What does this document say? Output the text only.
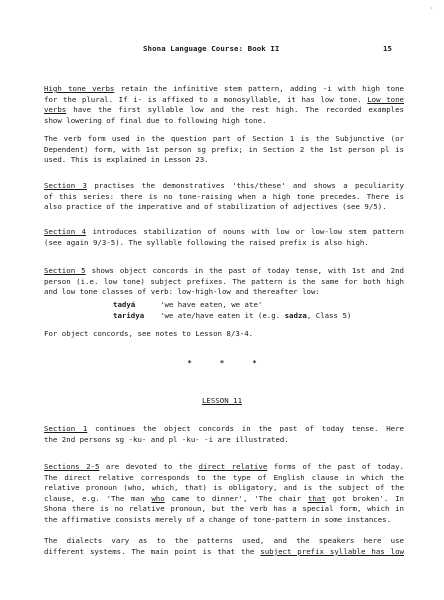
·
Shona Language Course: Book II	15
High tone verbs retain the infinitive stem pattern, adding -i with high tone
for the plural. If i- is affixed to a monosyllable, it has low tone. Low tone
verbs have the first syllable low and the rest high. The recorded examples
show lowering of final due to following high tone.
The verb form used in the question part of Section 1 is the Subjunctive (or
Dependent) form, with 1st person sg prefix; in Section 2 the 1st person pl is
used. This is explained in Lesson 23.
Section 3 practises the demonstratives 'this/these' and shows a peculiarity
of this series: there is no tone-raising when a high tone precedes. There is
also practice of the imperative and of stabilization of adjectives (see 9/5).
Section 4 introduces stabilization of nouns with low or low-low stem pattern
(see again 9/3-5). The syllable following the raised prefix is also high.
Section 5 shows object concords in the past of today tense, with 1st and 2nd
person (i.e. low tone) subject prefixes. The pattern is the same for both high
and low tone classes of verb: low-high-low and thereafter low:
tadyá	'we have eaten, we ate'
taridya	'we ate/have eaten it (e.g. sadza, Class 5)
For object concords, see notes to Lesson 8/3-4.
*	*	*
LESSON 11
Section 1 continues the object concords in the past of today tense. Here
the 2nd persons sg -ku- and pl -ku- -i are illustrated.
Sections 2-5 are devoted to the direct relative forms of the past of today.
The direct relative corresponds to the type of English clause in which the
relative pronoun (who, which, that) is obligatory, and is the subject of the
clause, e.g. 'The man who came to dinner', 'The chair that got broken'. In
Shona there is no relative pronoun, but the verb has a special form, which in
the affirmative consists merely of a change of tone-pattern in some instances.
The dialects vary as to the patterns used, and the speakers here use
different systems. The main point is that the subject prefix syllable has low
